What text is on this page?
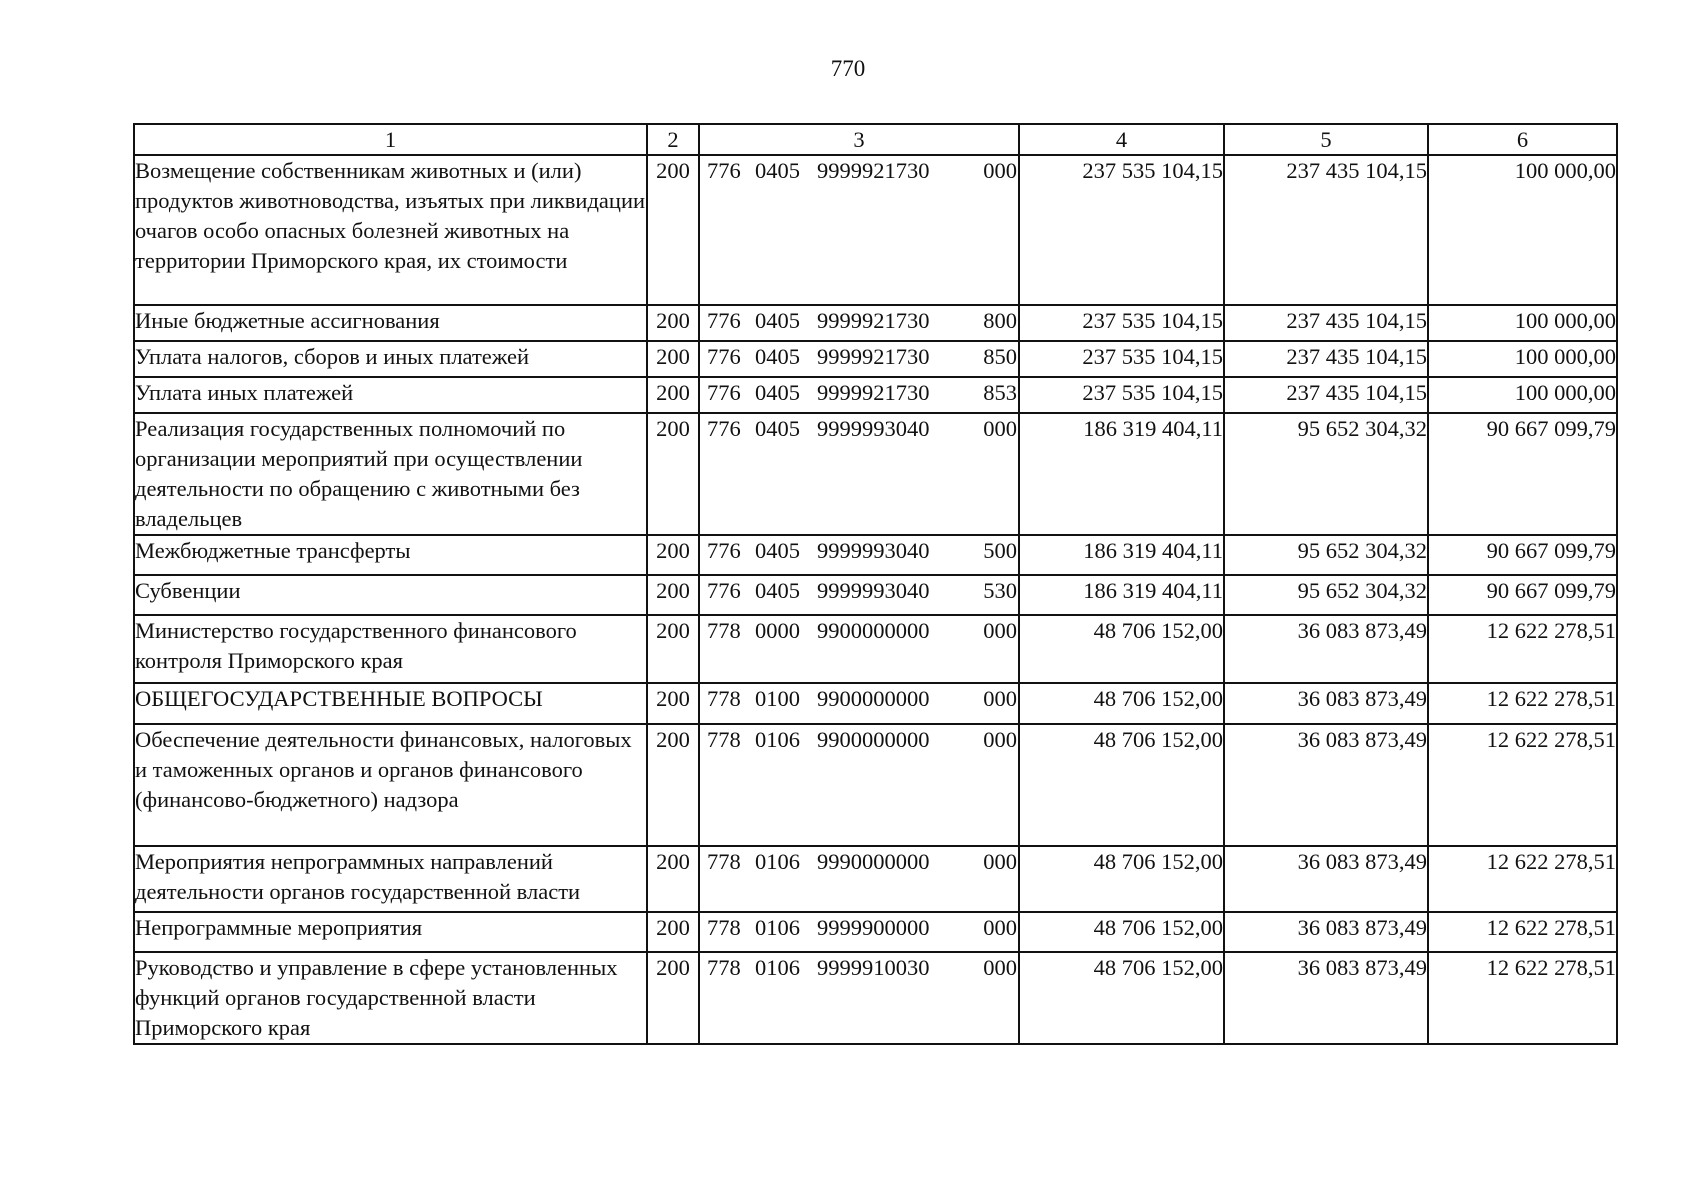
770
1	2	3	4	5	6
Возмещение собственникам животных и (или) продуктов животноводства, изъятых при ликвидации очагов особо опасных болезней животных на территории Приморского края, их стоимости	200	776 0405 9999921730 000	237 535 104,15	237 435 104,15	100 000,00
Иные бюджетные ассигнования	200	776 0405 9999921730 800	237 535 104,15	237 435 104,15	100 000,00
Уплата налогов, сборов и иных платежей	200	776 0405 9999921730 850	237 535 104,15	237 435 104,15	100 000,00
Уплата иных платежей	200	776 0405 9999921730 853	237 535 104,15	237 435 104,15	100 000,00
Реализация государственных полномочий по организации мероприятий при осуществлении деятельности по обращению с животными без владельцев	200	776 0405 9999993040 000	186 319 404,11	95 652 304,32	90 667 099,79
Межбюджетные трансферты	200	776 0405 9999993040 500	186 319 404,11	95 652 304,32	90 667 099,79
Субвенции	200	776 0405 9999993040 530	186 319 404,11	95 652 304,32	90 667 099,79
Министерство государственного финансового контроля Приморского края	200	778 0000 9900000000 000	48 706 152,00	36 083 873,49	12 622 278,51
ОБЩЕГОСУДАРСТВЕННЫЕ ВОПРОСЫ	200	778 0100 9900000000 000	48 706 152,00	36 083 873,49	12 622 278,51
Обеспечение деятельности финансовых, налоговых и таможенных органов и органов финансового (финансово-бюджетного) надзора	200	778 0106 9900000000 000	48 706 152,00	36 083 873,49	12 622 278,51
Мероприятия непрограммных направлений деятельности органов государственной власти	200	778 0106 9990000000 000	48 706 152,00	36 083 873,49	12 622 278,51
Непрограммные мероприятия	200	778 0106 9999900000 000	48 706 152,00	36 083 873,49	12 622 278,51
Руководство и управление в сфере установленных функций органов государственной власти Приморского края	200	778 0106 9999910030 000	48 706 152,00	36 083 873,49	12 622 278,51
